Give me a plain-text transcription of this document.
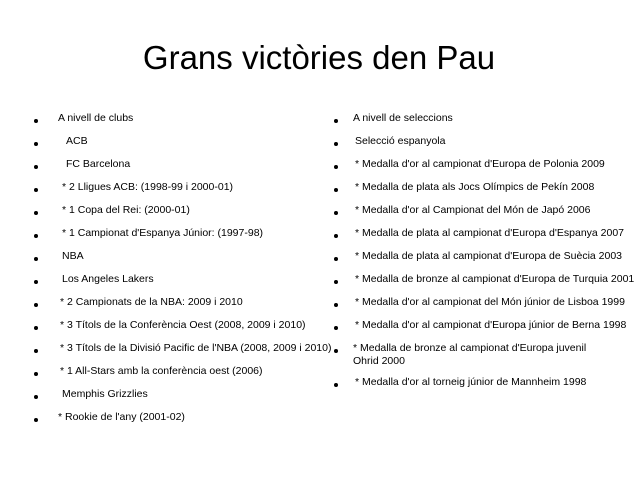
Grans victòries den Pau
A nivell de clubs
ACB
FC Barcelona
* 2 Lligues ACB: (1998-99 i 2000-01)
* 1 Copa del Rei: (2000-01)
* 1 Campionat d'Espanya Júnior: (1997-98)
NBA
Los Angeles Lakers
* 2 Campionats de la NBA: 2009 i 2010
* 3 Títols de la Conferència Oest (2008, 2009 i 2010)
* 3 Títols de la Divisió Pacific de l'NBA (2008, 2009 i 2010)
* 1 All-Stars amb la conferència oest (2006)
Memphis Grizzlies
* Rookie de l'any (2001-02)
A nivell de seleccions
Selecció espanyola
* Medalla d'or al campionat d'Europa de Polonia 2009
* Medalla de plata als Jocs Olímpics de Pekín 2008
* Medalla d'or al Campionat del Món de Japó 2006
* Medalla de plata al campionat d'Europa d'Espanya 2007
* Medalla de plata al campionat d'Europa de Suècia 2003
* Medalla de bronze al campionat d'Europa de Turquia 2001
* Medalla d'or al campionat del Món júnior de Lisboa 1999
* Medalla d'or al campionat d'Europa júnior de Berna 1998
* Medalla de bronze al campionat d'Europa juvenil Ohrid 2000
* Medalla d'or al torneig júnior de Mannheim 1998
